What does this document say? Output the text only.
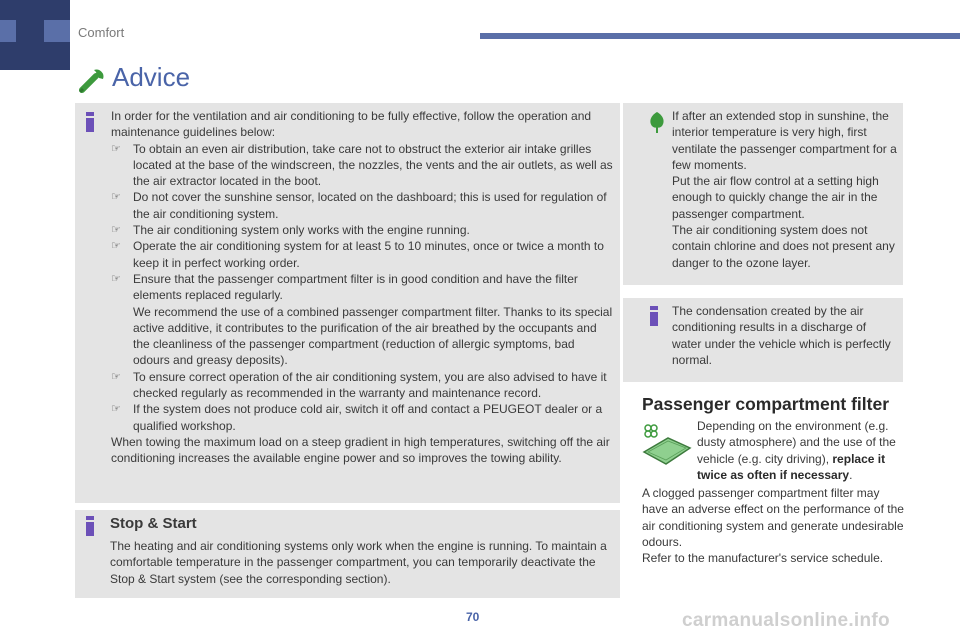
Comfort
Advice
In order for the ventilation and air conditioning to be fully effective, follow the operation and maintenance guidelines below:
☞	To obtain an even air distribution, take care not to obstruct the exterior air intake grilles located at the base of the windscreen, the nozzles, the vents and the air outlets, as well as the air extractor located in the boot.
☞	Do not cover the sunshine sensor, located on the dashboard; this is used for regulation of the air conditioning system.
☞	The air conditioning system only works with the engine running.
☞	Operate the air conditioning system for at least 5 to 10 minutes, once or twice a month to keep it in perfect working order.
☞	Ensure that the passenger compartment filter is in good condition and have the filter elements replaced regularly.
We recommend the use of a combined passenger compartment filter. Thanks to its special active additive, it contributes to the purification of the air breathed by the occupants and the cleanliness of the passenger compartment (reduction of allergic symptoms, bad odours and greasy deposits).
☞	To ensure correct operation of the air conditioning system, you are also advised to have it checked regularly as recommended in the warranty and maintenance record.
☞	If the system does not produce cold air, switch it off and contact a PEUGEOT dealer or a qualified workshop.
When towing the maximum load on a steep gradient in high temperatures, switching off the air conditioning increases the available engine power and so improves the towing ability.
Stop & Start
The heating and air conditioning systems only work when the engine is running. To maintain a comfortable temperature in the passenger compartment, you can temporarily deactivate the Stop & Start system (see the corresponding section).
If after an extended stop in sunshine, the interior temperature is very high, first ventilate the passenger compartment for a few moments.
Put the air flow control at a setting high enough to quickly change the air in the passenger compartment.
The air conditioning system does not contain chlorine and does not present any danger to the ozone layer.
The condensation created by the air conditioning results in a discharge of water under the vehicle which is perfectly normal.
Passenger compartment filter
Depending on the environment (e.g. dusty atmosphere) and the use of the vehicle (e.g. city driving), replace it twice as often if necessary.
A clogged passenger compartment filter may have an adverse effect on the performance of the air conditioning system and generate undesirable odours.
Refer to the manufacturer's service schedule.
70	carmanualsonline.info
